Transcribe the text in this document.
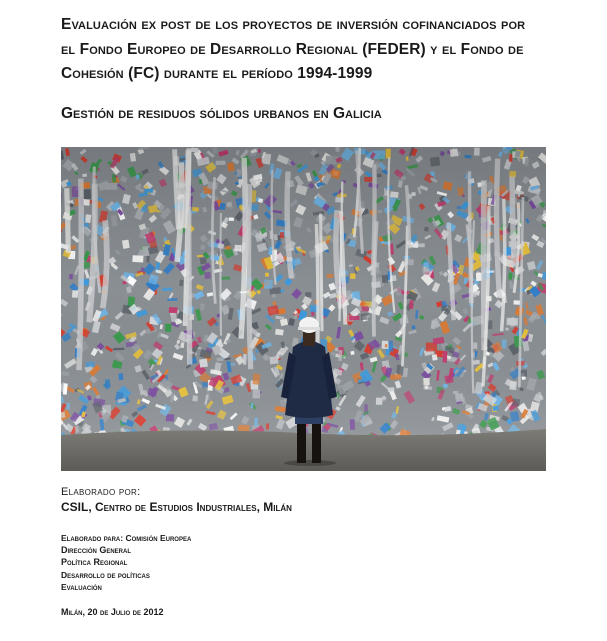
Evaluación ex post de los proyectos de inversión cofinanciados por
el Fondo Europeo de Desarrollo Regional (FEDER) y el Fondo de
Cohesión (FC) durante el período 1994-1999
Gestión de residuos sólidos urbanos en Galicia

Elaborado por:

CSIL, Centro de Estudios Industriales, Milán

Elaborado para: Comisión Europea

Dirección General

Política Regional

Desarrollo de políticas

Evaluación

Milán, 20 de Julio de 2012
